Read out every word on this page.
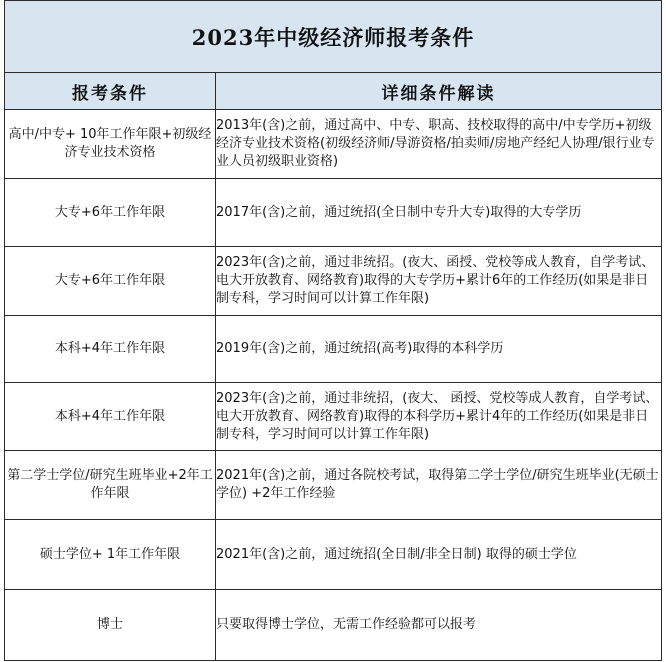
2023年中级经济师报考条件	
报考条件	详细条件解读
高中/中专+ 10年工作年限+初级经济专业技术资格	2013年(含)之前，通过高中、中专、职高、技校取得的高中/中专学历+初级经济专业技术资格(初级经济师/导游资格/拍卖师/房地产经纪人协理/银行业专业人员初级职业资格)
大专+6年工作年限	2017年(含)之前，通过统招(全日制中专升大专)取得的大专学历
大专+6年工作年限	2023年(含)之前，通过非统招。(夜大、函授、党校等成人教育，自学考试、电大开放教育、网络教育)取得的大专学历+累计6年的工作经历(如果是非日制专科，学习时间可以计算工作年限)
本科+4年工作年限	2019年(含)之前，通过统招(高考)取得的本科学历
本科+4年工作年限	2023年(含)之前，通过非统招，(夜大、 函授、党校等成人教育，自学考试、电大开放教育、网络教育)取得的本科学历+累计4年的工作经历(如果是非日制专科，学习时间可以计算工作年限)
第二学士学位/研究生班毕业+2年工作年限	2021年(含)之前，通过各院校考试，取得第二学士学位/研究生班毕业(无硕士学位) +2年工作经验
硕士学位+ 1年工作年限	2021年(含)之前，通过统招(全日制/非全日制) 取得的硕士学位
博士	只要取得博士学位，无需工作经验都可以报考
